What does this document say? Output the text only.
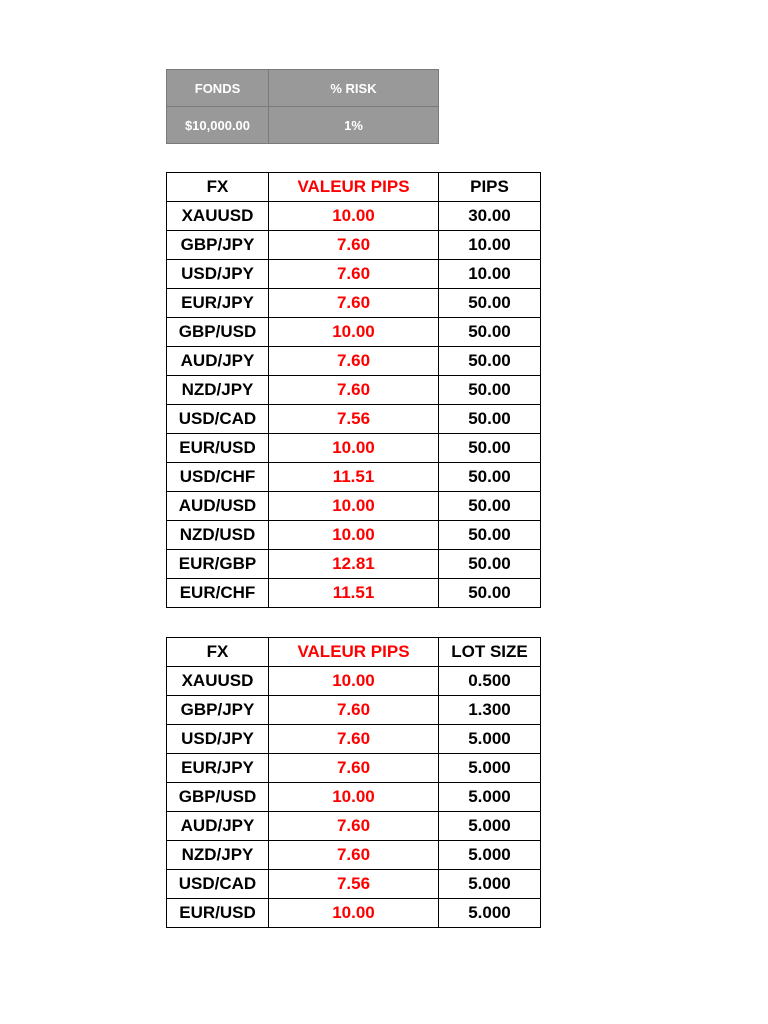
FONDS	% RISK
$10,000.00	1%
FX	VALEUR PIPS	PIPS
XAUUSD	10.00	30.00
GBP/JPY	7.60	10.00
USD/JPY	7.60	10.00
EUR/JPY	7.60	50.00
GBP/USD	10.00	50.00
AUD/JPY	7.60	50.00
NZD/JPY	7.60	50.00
USD/CAD	7.56	50.00
EUR/USD	10.00	50.00
USD/CHF	11.51	50.00
AUD/USD	10.00	50.00
NZD/USD	10.00	50.00
EUR/GBP	12.81	50.00
EUR/CHF	11.51	50.00
FX	VALEUR PIPS	LOT SIZE
XAUUSD	10.00	0.500
GBP/JPY	7.60	1.300
USD/JPY	7.60	5.000
EUR/JPY	7.60	5.000
GBP/USD	10.00	5.000
AUD/JPY	7.60	5.000
NZD/JPY	7.60	5.000
USD/CAD	7.56	5.000
EUR/USD	10.00	5.000
